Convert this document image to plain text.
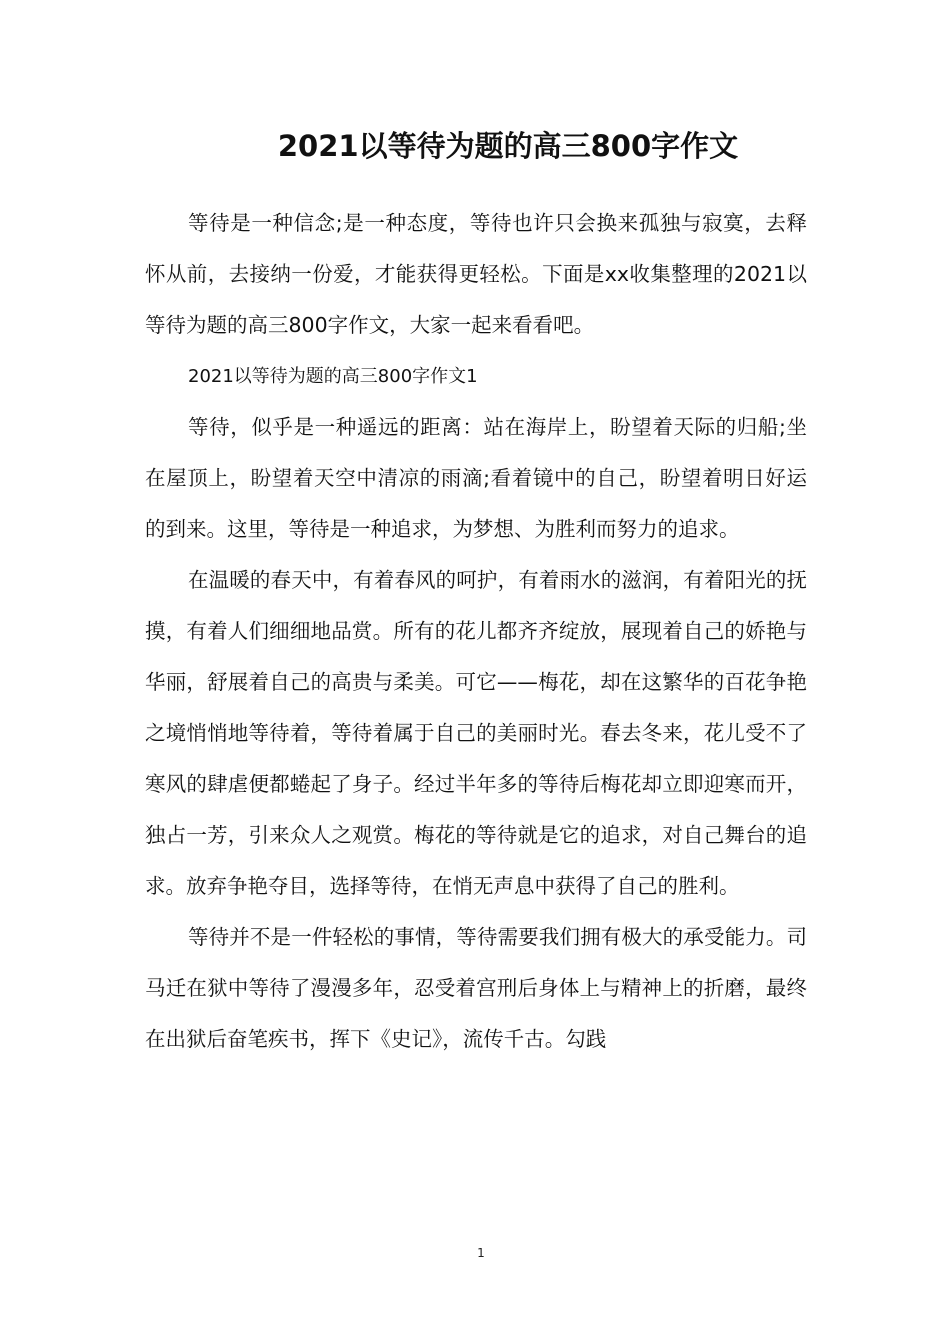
2021以等待为题的高三800字作文

等待是一种信念;是一种态度，等待也许只会换来孤独与寂寞，去释怀从前，去接纳一份爱，才能获得更轻松。下面是xx收集整理的2021以等待为题的高三800字作文，大家一起来看看吧。

2021以等待为题的高三800字作文1

等待，似乎是一种遥远的距离：站在海岸上，盼望着天际的归船;坐在屋顶上，盼望着天空中清凉的雨滴;看着镜中的自己，盼望着明日好运的到来。这里，等待是一种追求，为梦想、为胜利而努力的追求。

在温暖的春天中，有着春风的呵护，有着雨水的滋润，有着阳光的抚摸，有着人们细细地品赏。所有的花儿都齐齐绽放，展现着自己的娇艳与华丽，舒展着自己的高贵与柔美。可它——梅花，却在这繁华的百花争艳之境悄悄地等待着，等待着属于自己的美丽时光。春去冬来，花儿受不了寒风的肆虐便都蜷起了身子。经过半年多的等待后梅花却立即迎寒而开，独占一芳，引来众人之观赏。梅花的等待就是它的追求，对自己舞台的追求。放弃争艳夺目，选择等待，在悄无声息中获得了自己的胜利。

等待并不是一件轻松的事情，等待需要我们拥有极大的承受能力。司马迁在狱中等待了漫漫多年，忍受着宫刑后身体上与精神上的折磨，最终在出狱后奋笔疾书，挥下《史记》，流传千古。勾践

1
